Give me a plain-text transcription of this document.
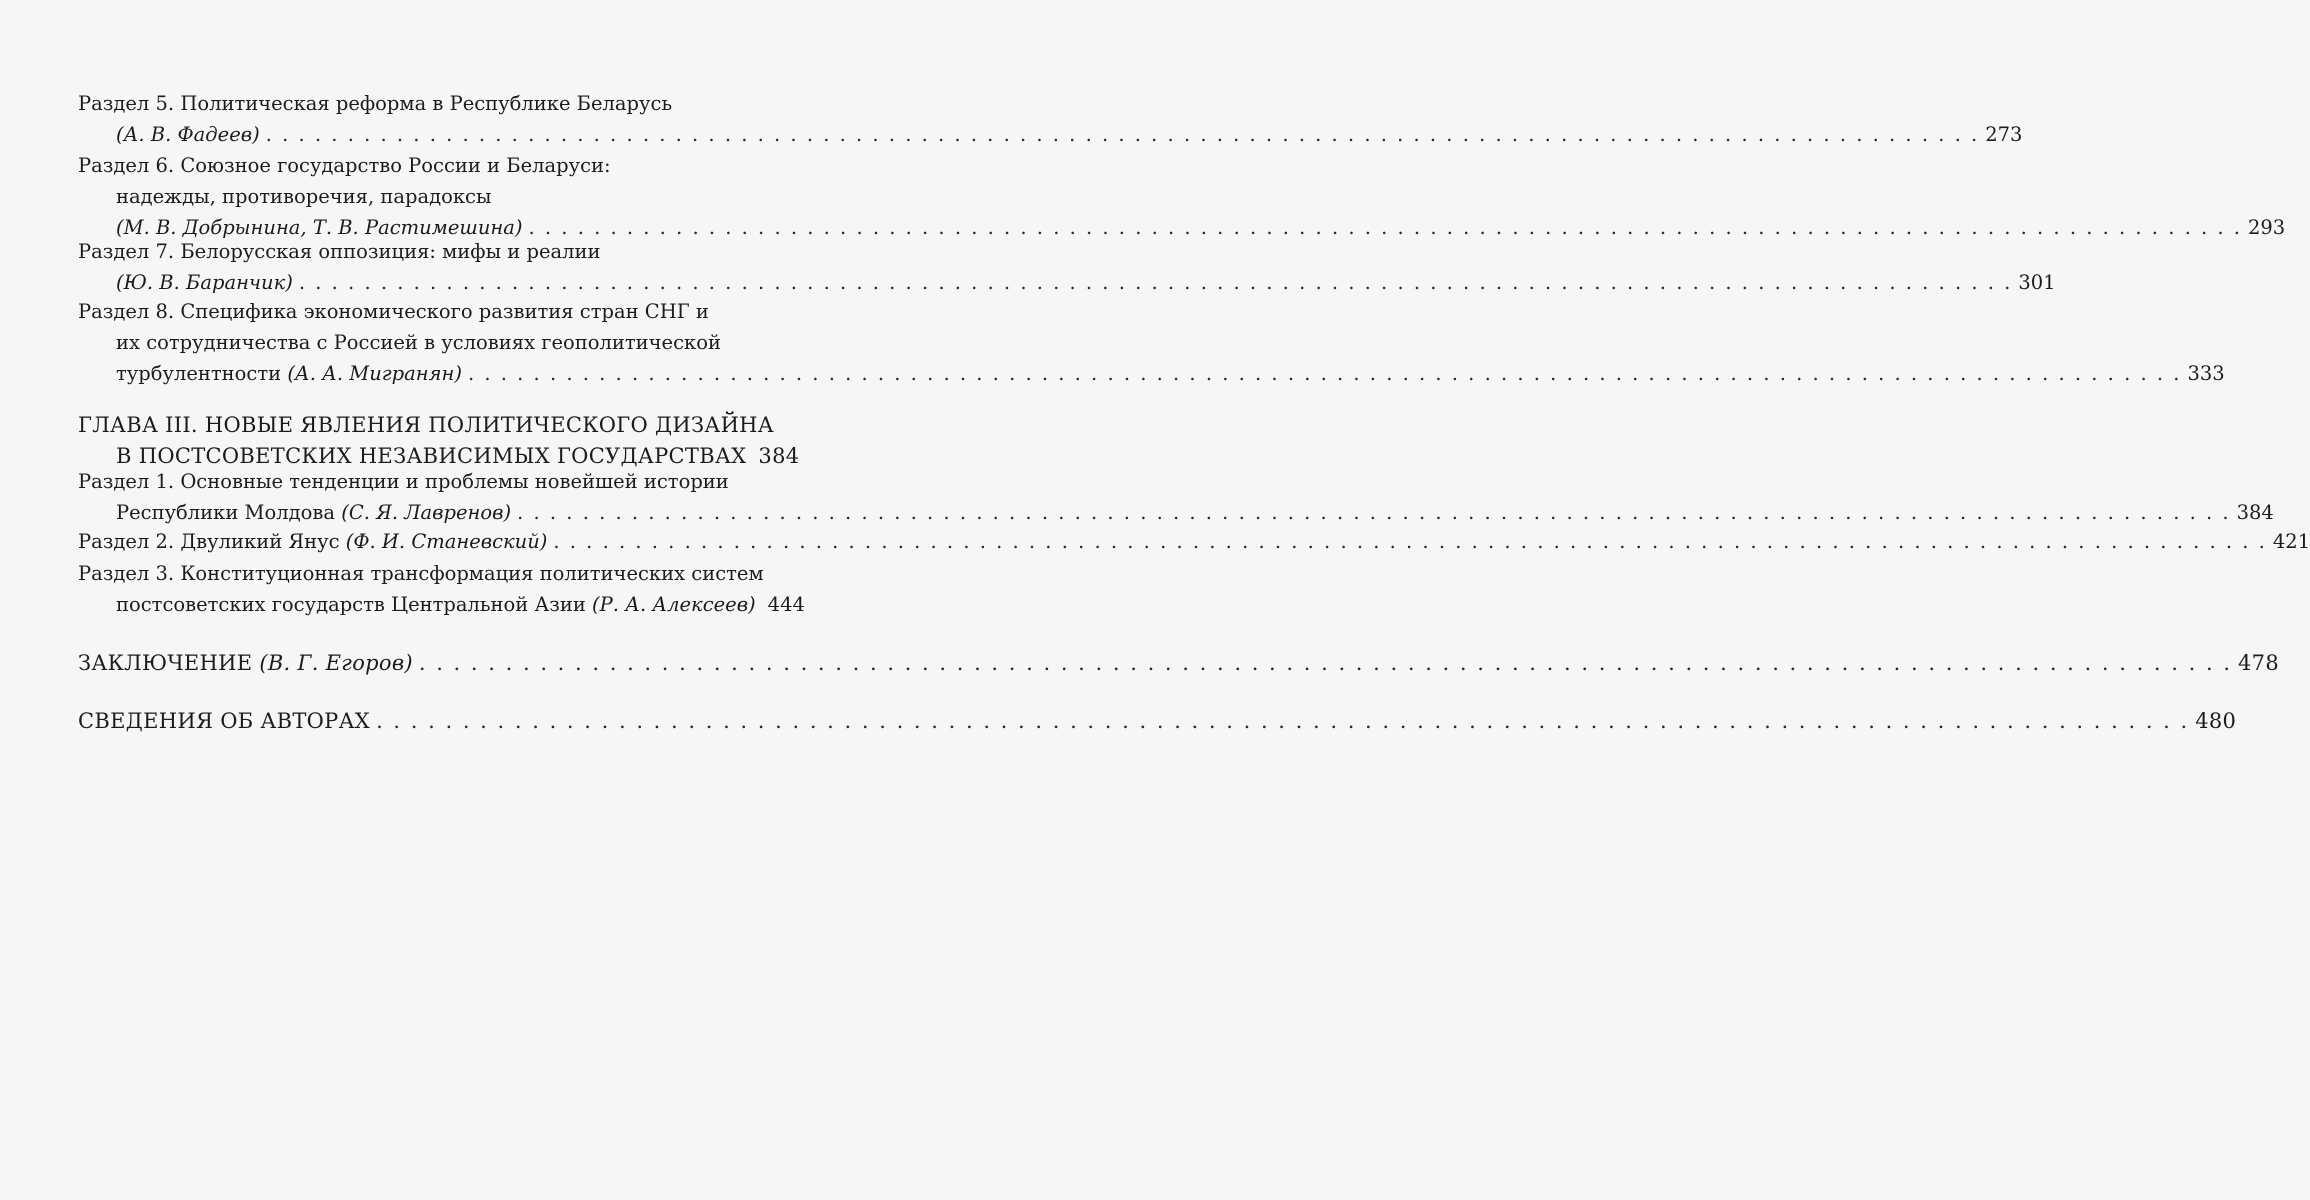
Раздел 5. Политическая реформа в Республике Беларусь
(А. В. Фадеев) . . .	273
Раздел 6. Союзное государство России и Беларуси:
надежды, противоречия, парадоксы
(М. В. Добрынина, Т. В. Растимешина) . . .	293
Раздел 7. Белорусская оппозиция: мифы и реалии
(Ю. В. Баранчик) . . .	301
Раздел 8. Специфика экономического развития стран СНГ и
их сотрудничества с Россией в условиях геополитической
турбулентности (А. А. Мигранян) . . .	333
ГЛАВА III. НОВЫЕ ЯВЛЕНИЯ ПОЛИТИЧЕСКОГО ДИЗАЙНА
В ПОСТСОВЕТСКИХ НЕЗАВИСИМЫХ ГОСУДАРСТВАХ 384
Раздел 1. Основные тенденции и проблемы новейшей истории
Республики Молдова (С. Я. Лавренов) . . .	384
Раздел 2. Двуликий Янус (Ф. И. Станевский) . . .	421
Раздел 3. Конституционная трансформация политических систем
постсоветских государств Центральной Азии (Р. А. Алексеев) 444
ЗАКЛЮЧЕНИЕ (В. Г. Егоров) . . .	478
СВЕДЕНИЯ ОБ АВТОРАХ . . .	480
